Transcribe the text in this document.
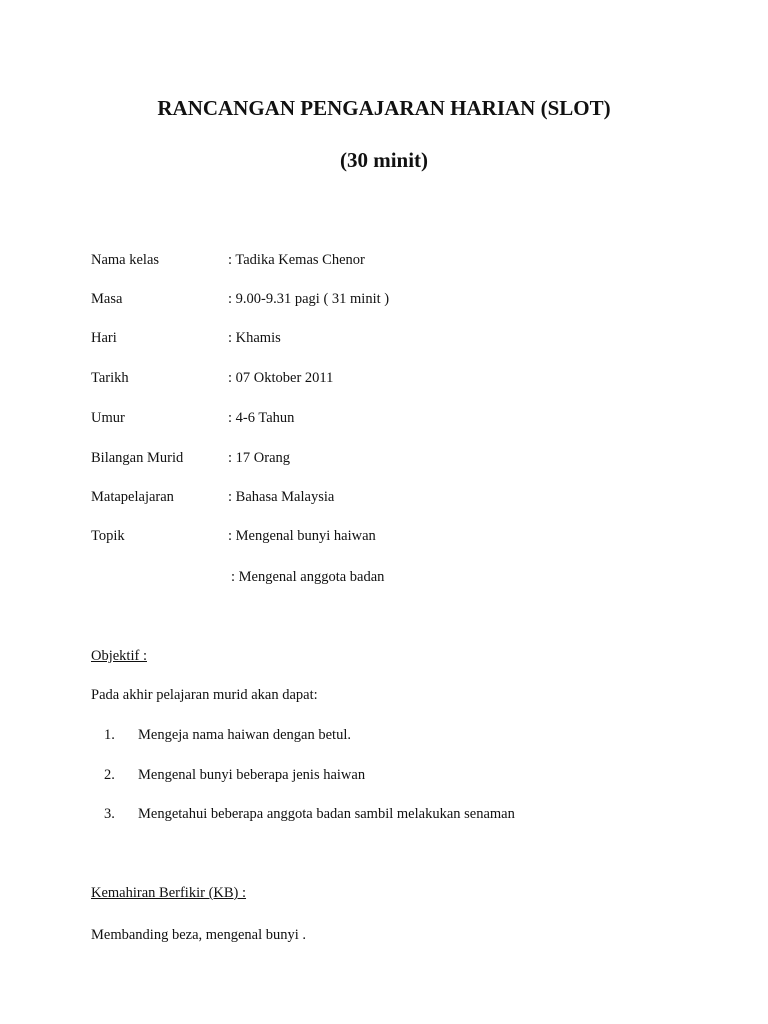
RANCANGAN PENGAJARAN HARIAN (SLOT)
(30 minit)
Nama kelas	: Tadika Kemas Chenor
Masa	: 9.00-9.31 pagi ( 31 minit )
Hari	: Khamis
Tarikh	: 07 Oktober 2011
Umur	: 4-6 Tahun
Bilangan Murid	: 17 Orang
Matapelajaran	: Bahasa Malaysia
Topik	: Mengenal bunyi haiwan
: Mengenal anggota badan
Objektif :
Pada akhir pelajaran murid akan dapat:
1. Mengeja nama haiwan dengan betul.
2. Mengenal bunyi beberapa jenis haiwan
3. Mengetahui beberapa anggota badan sambil melakukan senaman
Kemahiran Berfikir (KB) :
Membanding beza, mengenal bunyi .
